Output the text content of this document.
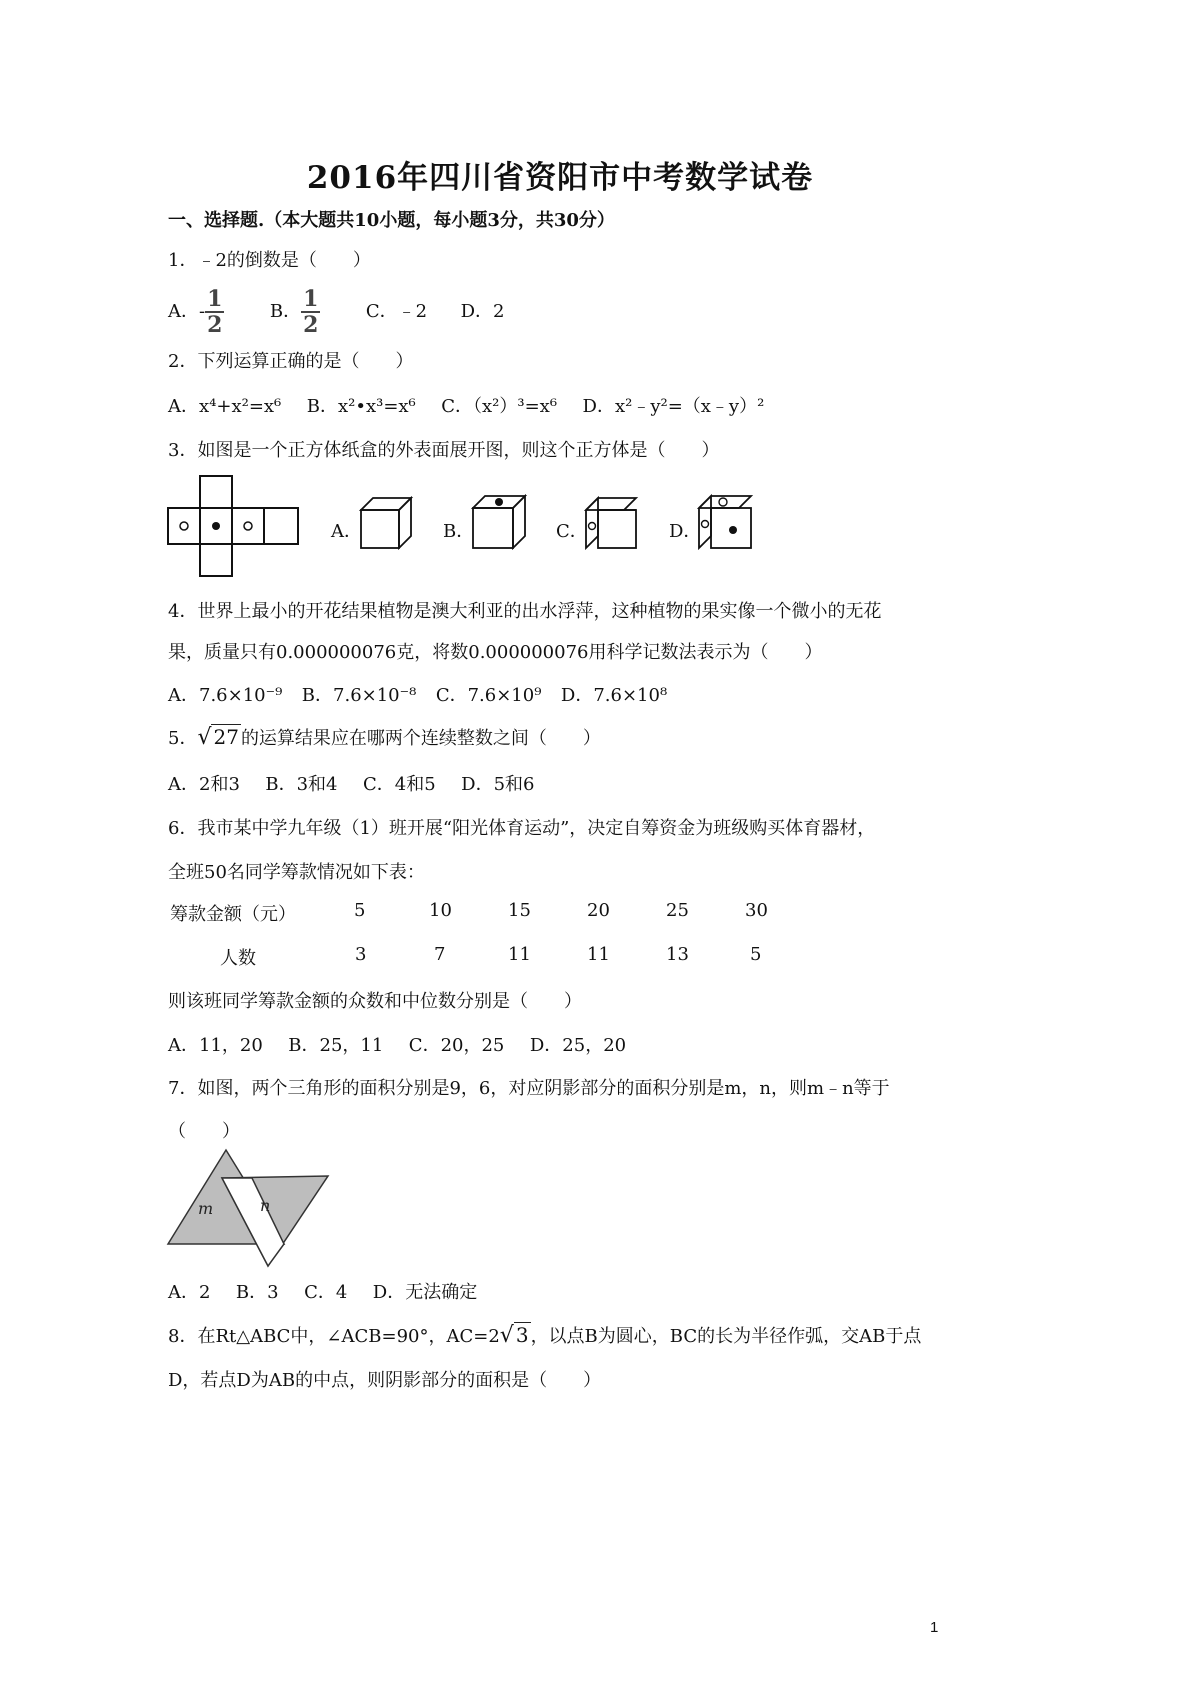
2016年四川省资阳市中考数学试卷
一、选择题.（本大题共10小题，每小题3分，共30分）
1．﹣2的倒数是（　　）
A．- $\frac{1}{2}$	B． $\frac{1}{2}$	C．﹣2 D．2
2．下列运算正确的是（　　）
A．x⁴+x²=x⁶ B．x²•x³=x⁶ C．（x²）³=x⁶ D．x²﹣y²=（x﹣y）²
3．如图是一个正方体纸盒的外表面展开图，则这个正方体是（　　）
A．	B．	C．	D．
4．世界上最小的开花结果植物是澳大利亚的出水浮萍，这种植物的果实像一个微小的无花
果，质量只有0.000000076克，将数0.000000076用科学记数法表示为（　　）
A．7.6×10⁻⁹ B．7.6×10⁻⁸ C．7.6×10⁹ D．7.6×10⁸
5．√ 27 的运算结果应在哪两个连续整数之间（　　）
A．2和3 B．3和4 C．4和5 D．5和6
6．我市某中学九年级（1）班开展“阳光体育运动”，决定自筹资金为班级购买体育器材，
全班50名同学筹款情况如下表：
筹款金额（元）	5	10	15	20	25	30
人数	3	7	11	11	13	5
则该班同学筹款金额的众数和中位数分别是（　　）
A．11，20 B．25，11 C．20，25 D．25，20
7．如图，两个三角形的面积分别是9，6，对应阴影部分的面积分别是m，n，则m﹣n等于
（　　）
m	n
A．2 B．3 C．4 D．无法确定
8．在Rt△ABC中，∠ACB=90°，AC=2√ 3 ，以点B为圆心，BC的长为半径作弧，交AB于点
D，若点D为AB的中点，则阴影部分的面积是（　　）
1
